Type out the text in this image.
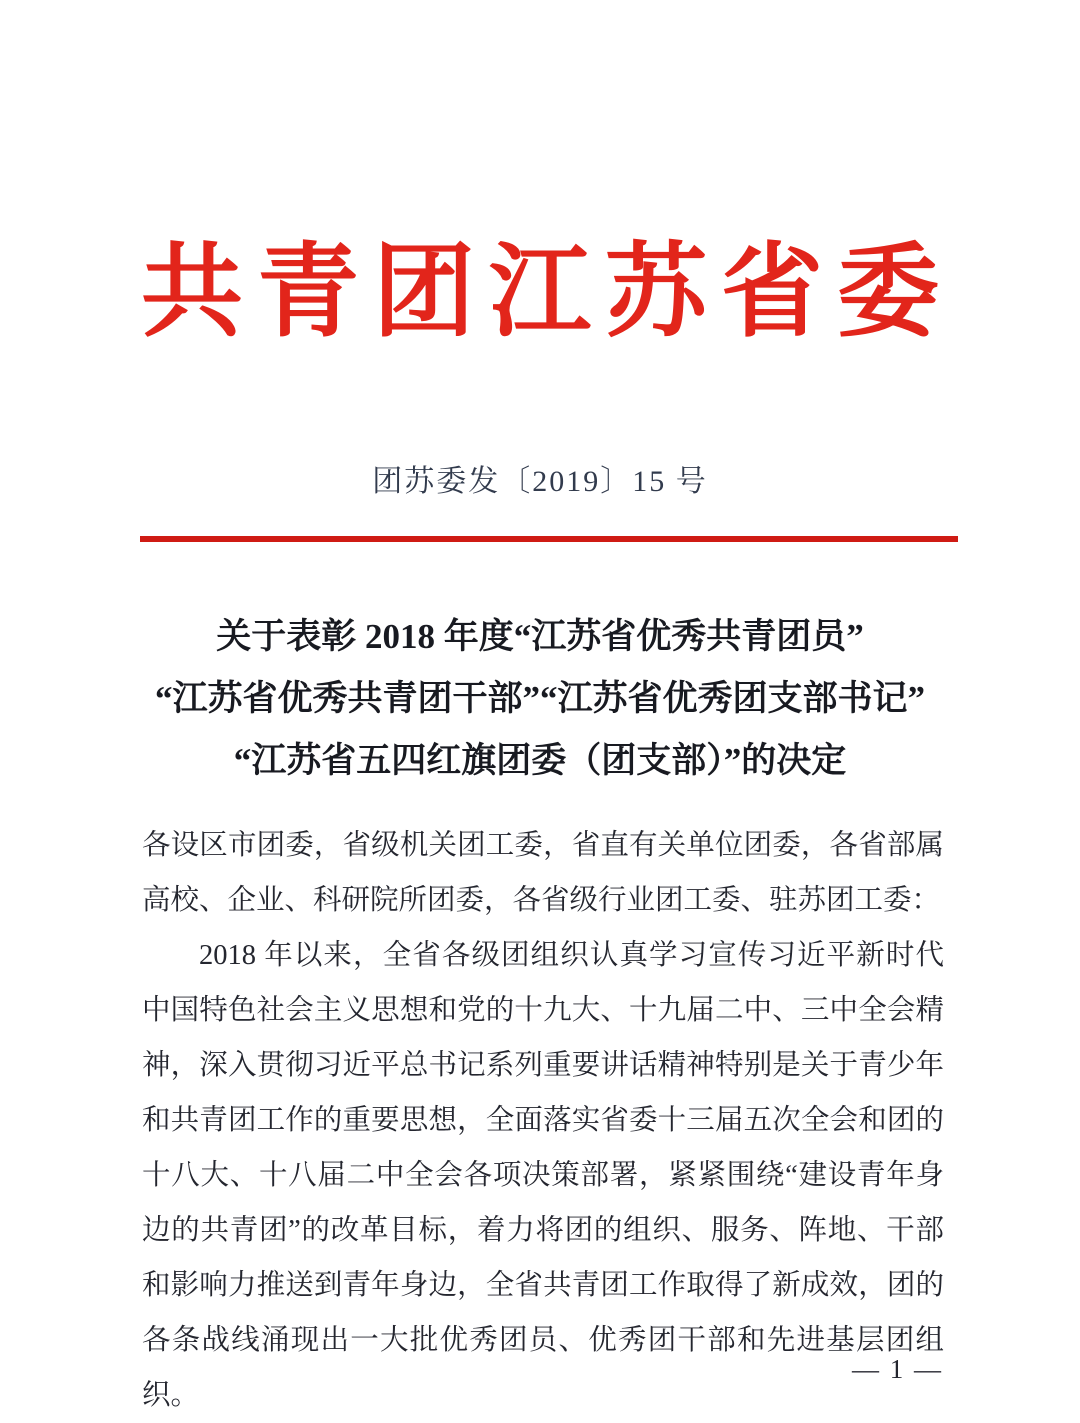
共青团江苏省委
团苏委发〔2019〕15 号
关于表彰 2018 年度“江苏省优秀共青团员”
“江苏省优秀共青团干部”“江苏省优秀团支部书记”
“江苏省五四红旗团委（团支部）”的决定

各设区市团委，省级机关团工委，省直有关单位团委，各省部属高校、企业、科研院所团委，各省级行业团工委、驻苏团工委：

2018 年以来，全省各级团组织认真学习宣传习近平新时代中国特色社会主义思想和党的十九大、十九届二中、三中全会精神，深入贯彻习近平总书记系列重要讲话精神特别是关于青少年和共青团工作的重要思想，全面落实省委十三届五次全会和团的十八大、十八届二中全会各项决策部署，紧紧围绕“建设青年身边的共青团”的改革目标，着力将团的组织、服务、阵地、干部和影响力推送到青年身边，全省共青团工作取得了新成效，团的各条战线涌现出一大批优秀团员、优秀团干部和先进基层团组织。

— 1 —
